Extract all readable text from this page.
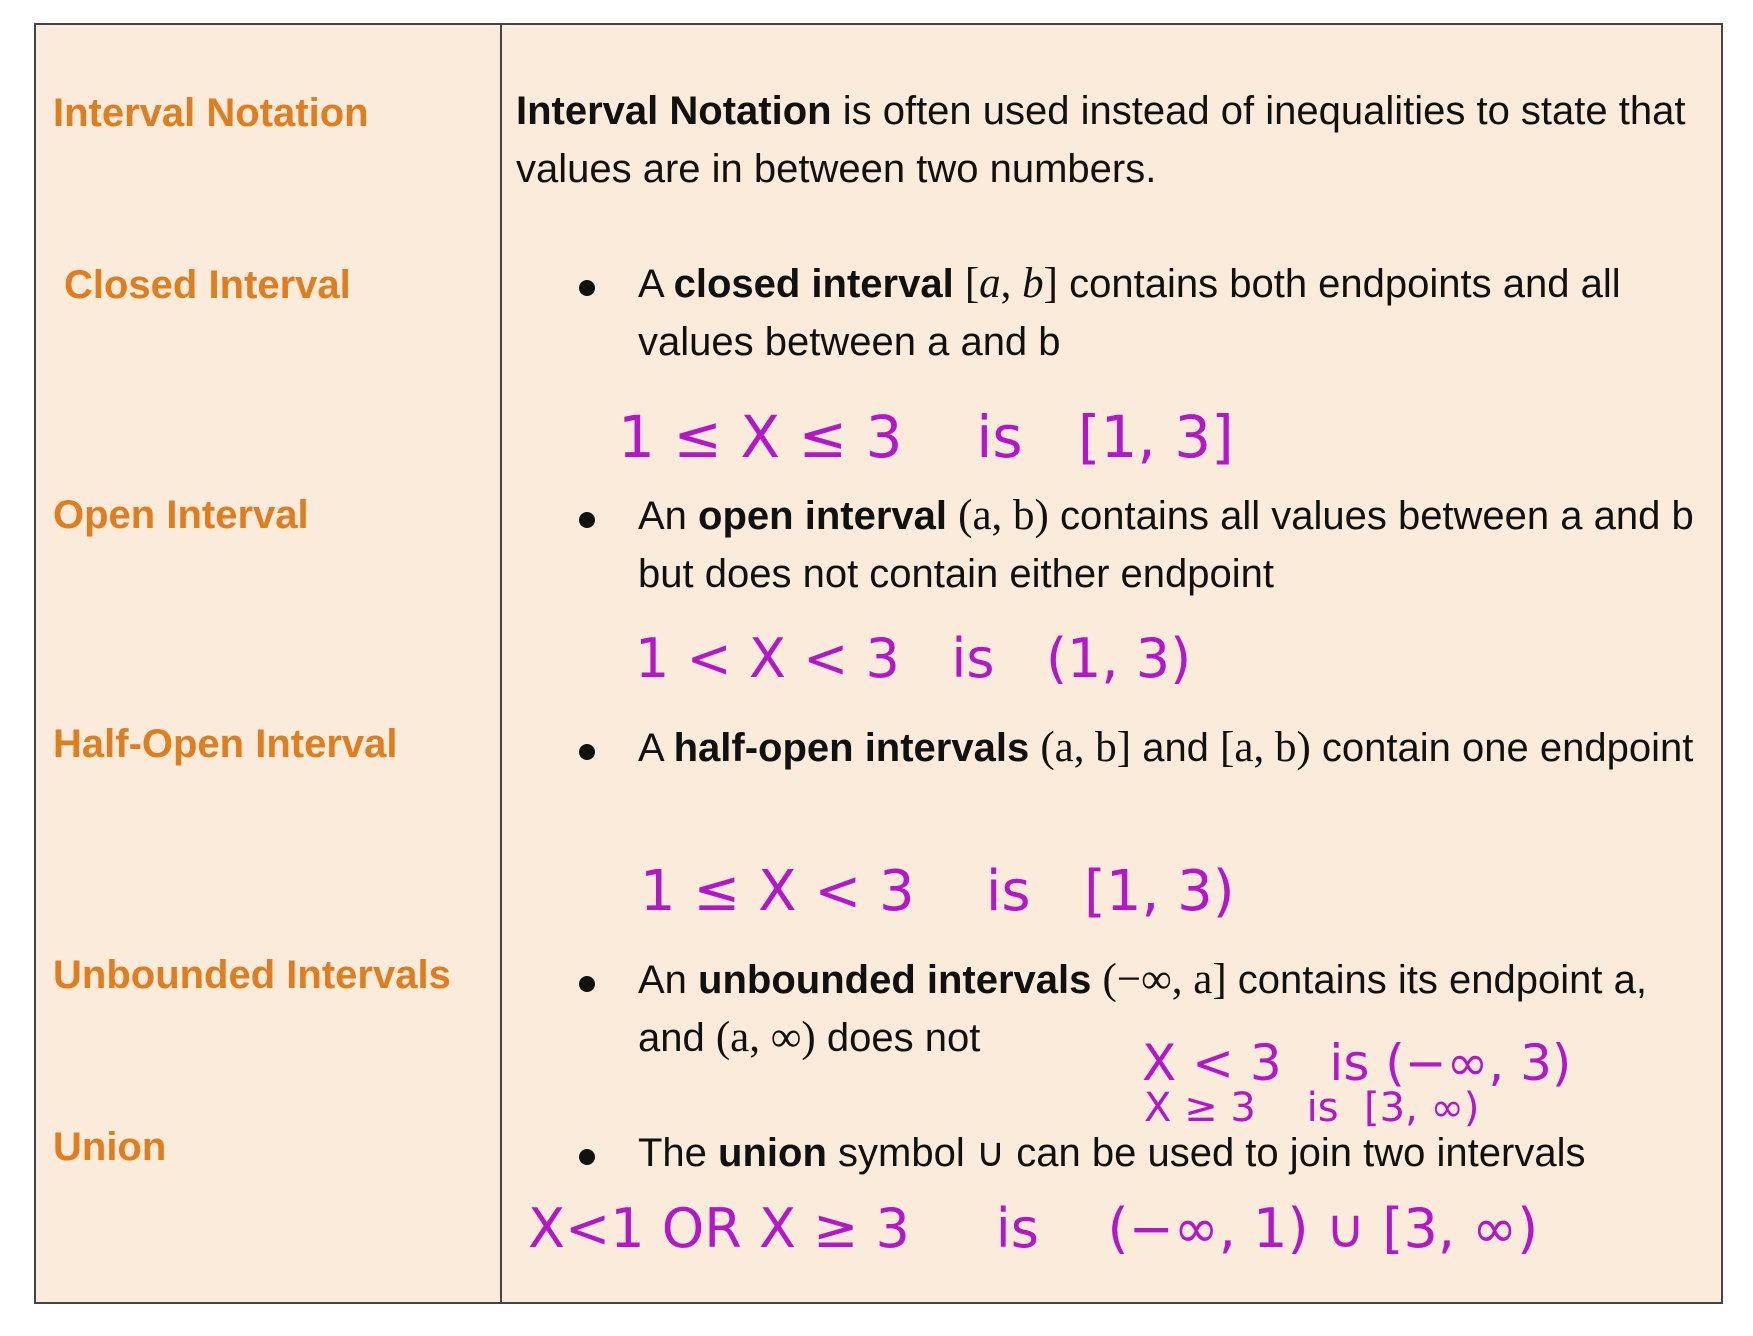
Interval Notation
Closed Interval
Open Interval
Half-Open Interval
Unbounded Intervals
Union
Interval Notation is often used instead of inequalities to state that values are in between two numbers.
A closed interval [a, b] contains both endpoints and all values between a and b
1 ≤ X ≤ 3    is   [1, 3]
An open interval (a, b) contains all values between a and b but does not contain either endpoint
1 < X < 3   is   (1, 3)
A half-open intervals (a, b] and [a, b) contain one endpoint
1 ≤ X < 3    is   [1, 3)
An unbounded intervals (−∞, a] contains its endpoint a, and (a, ∞) does not	X < 3   is (−∞, 3)
X ≥ 3    is  [3, ∞)
The union symbol ∪ can be used to join two intervals
X<1 OR X ≥ 3     is    (−∞, 1) ∪ [3, ∞)
